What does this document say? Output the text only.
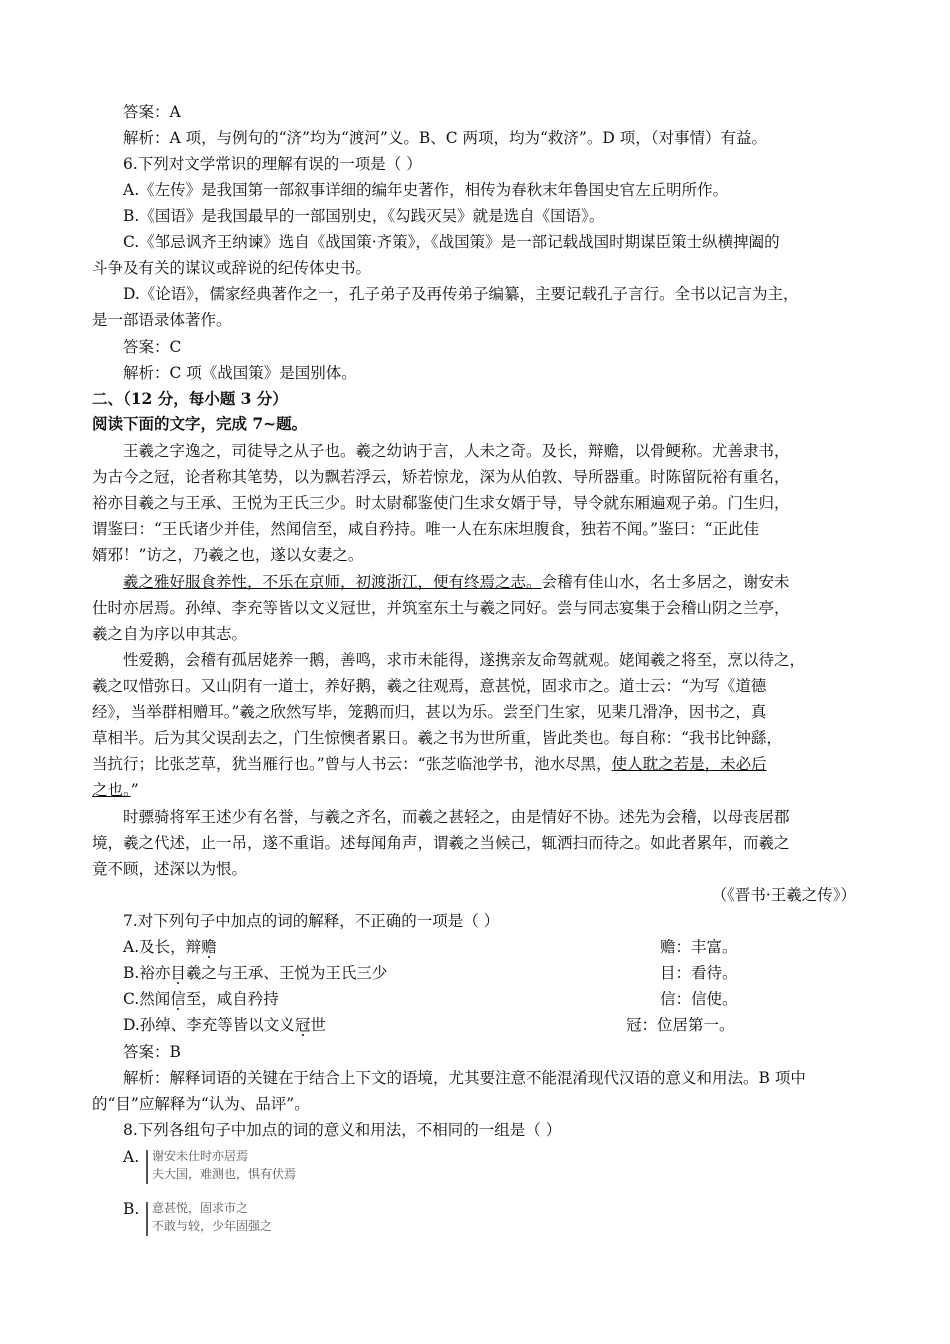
答案：A
解析：A 项，与例句的“济”均为“渡河”义。B、C 两项，均为“救济”。D 项，（对事情）有益。
6.下列对文学常识的理解有误的一项是（ ）
A.《左传》是我国第一部叙事详细的编年史著作，相传为春秋末年鲁国史官左丘明所作。
B.《国语》是我国最早的一部国别史，《勾践灭吴》就是选自《国语》。
C.《邹忌讽齐王纳谏》选自《战国策·齐策》，《战国策》是一部记载战国时期谋臣策士纵横捭阖的
斗争及有关的谋议或辞说的纪传体史书。
D.《论语》，儒家经典著作之一，孔子弟子及再传弟子编纂，主要记载孔子言行。全书以记言为主，
是一部语录体著作。
答案：C
解析：C 项《战国策》是国别体。
二、（12 分，每小题 3 分）
阅读下面的文字，完成 7~题。
王羲之字逸之，司徒导之从子也。羲之幼讷于言，人未之奇。及长，辩赡，以骨鲠称。尤善隶书，
为古今之冠，论者称其笔势，以为飘若浮云，矫若惊龙，深为从伯敦、导所器重。时陈留阮裕有重名，
裕亦目羲之与王承、王悦为王氏三少。时太尉郗鉴使门生求女婿于导，导令就东厢遍观子弟。门生归，
谓鉴曰：“王氏诸少并佳，然闻信至，咸自矜持。唯一人在东床坦腹食，独若不闻。”鉴曰：“正此佳
婿邪！”访之，乃羲之也，遂以女妻之。
羲之雅好服食养性，不乐在京师，初渡浙江，便有终焉之志。会稽有佳山水，名士多居之，谢安未
仕时亦居焉。孙绰、李充等皆以文义冠世，并筑室东土与羲之同好。尝与同志宴集于会稽山阴之兰亭，
羲之自为序以申其志。
性爱鹅，会稽有孤居姥养一鹅，善鸣，求市未能得，遂携亲友命驾就观。姥闻羲之将至，烹以待之，
羲之叹惜弥日。又山阴有一道士，养好鹅，羲之往观焉，意甚悦，固求市之。道士云：“为写《道德
经》，当举群相赠耳。”羲之欣然写毕，笼鹅而归，甚以为乐。尝至门生家，见棐几滑净，因书之，真
草相半。后为其父误刮去之，门生惊懊者累日。羲之书为世所重，皆此类也。每自称：“我书比钟繇，
当抗行；比张芝草，犹当雁行也。”曾与人书云：“张芝临池学书，池水尽黑，使人耽之若是，未必后
之也。”
时骠骑将军王述少有名誉，与羲之齐名，而羲之甚轻之，由是情好不协。述先为会稽，以母丧居郡
境，羲之代述，止一吊，遂不重诣。述每闻角声，谓羲之当候己，辄洒扫而待之。如此者累年，而羲之
竟不顾，述深以为恨。
（《晋书·王羲之传》）
7.对下列句子中加点的词的解释，不正确的一项是（ ）
A.及长，辩赡	赡：丰富。
B.裕亦目羲之与王承、王悦为王氏三少	目：看待。
C.然闻信至，咸自矜持	信：信使。
D.孙绰、李充等皆以文义冠世	冠：位居第一。
答案：B
解析：解释词语的关键在于结合上下文的语境，尤其要注意不能混淆现代汉语的意义和用法。B 项中
的“目”应解释为“认为、品评”。
8.下列各组句子中加点的词的意义和用法，不相同的一组是（ ）
A. 谢安未仕时亦居焉
夫大国，难测也，惧有伏焉
B. 意甚悦，固求市之
不敢与较，少年固强之
